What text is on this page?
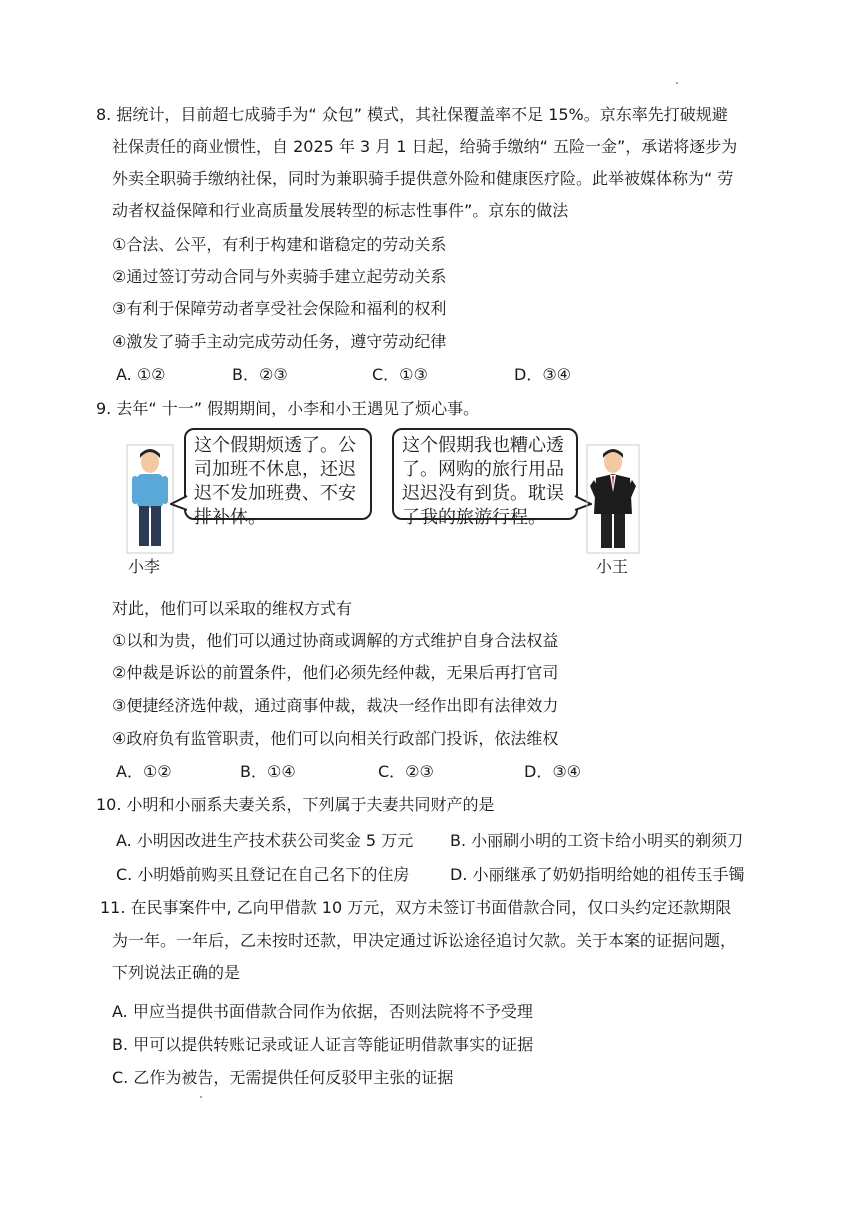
8. 据统计，目前超七成骑手为“ 众包” 模式，其社保覆盖率不足 15%。京东率先打破规避
社保责任的商业惯性，自 2025 年 3 月 1 日起，给骑手缴纳“ 五险一金”，承诺将逐步为
外卖全职骑手缴纳社保，同时为兼职骑手提供意外险和健康医疗险。此举被媒体称为“ 劳
动者权益保障和行业高质量发展转型的标志性事件”。京东的做法
①合法、公平，有利于构建和谐稳定的劳动关系
②通过签订劳动合同与外卖骑手建立起劳动关系
③有利于保障劳动者享受社会保险和福利的权利
④激发了骑手主动完成劳动任务，遵守劳动纪律
A. ①②	B．②③	C．①③	D．③④
9. 去年“ 十一” 假期期间，小李和小王遇见了烦心事。
小李
这个假期烦透了。公
司加班不休息，还迟
迟不发加班费、不安
排补休。
这个假期我也糟心透
了。网购的旅行用品
迟迟没有到货。耽误
了我的旅游行程。
小王
对此，他们可以采取的维权方式有
①以和为贵，他们可以通过协商或调解的方式维护自身合法权益
②仲裁是诉讼的前置条件，他们必须先经仲裁，无果后再打官司
③便捷经济选仲裁，通过商事仲裁，裁决一经作出即有法律效力
④政府负有监管职责，他们可以向相关行政部门投诉，依法维权
A．①②	B．①④	C．②③	D．③④
10. 小明和小丽系夫妻关系，下列属于夫妻共同财产的是
A. 小明因改进生产技术获公司奖金 5 万元 B. 小丽刷小明的工资卡给小明买的剃须刀
C. 小明婚前购买且登记在自己名下的住房	D. 小丽继承了奶奶指明给她的祖传玉手镯
11. 在民事案件中, 乙向甲借款 10 万元，双方未签订书面借款合同，仅口头约定还款期限
为一年。一年后，乙未按时还款，甲决定通过诉讼途径追讨欠款。关于本案的证据问题，
下列说法正确的是
A. 甲应当提供书面借款合同作为依据，否则法院将不予受理
B. 甲可以提供转账记录或证人证言等能证明借款事实的证据
C. 乙作为被告，无需提供任何反驳甲主张的证据
